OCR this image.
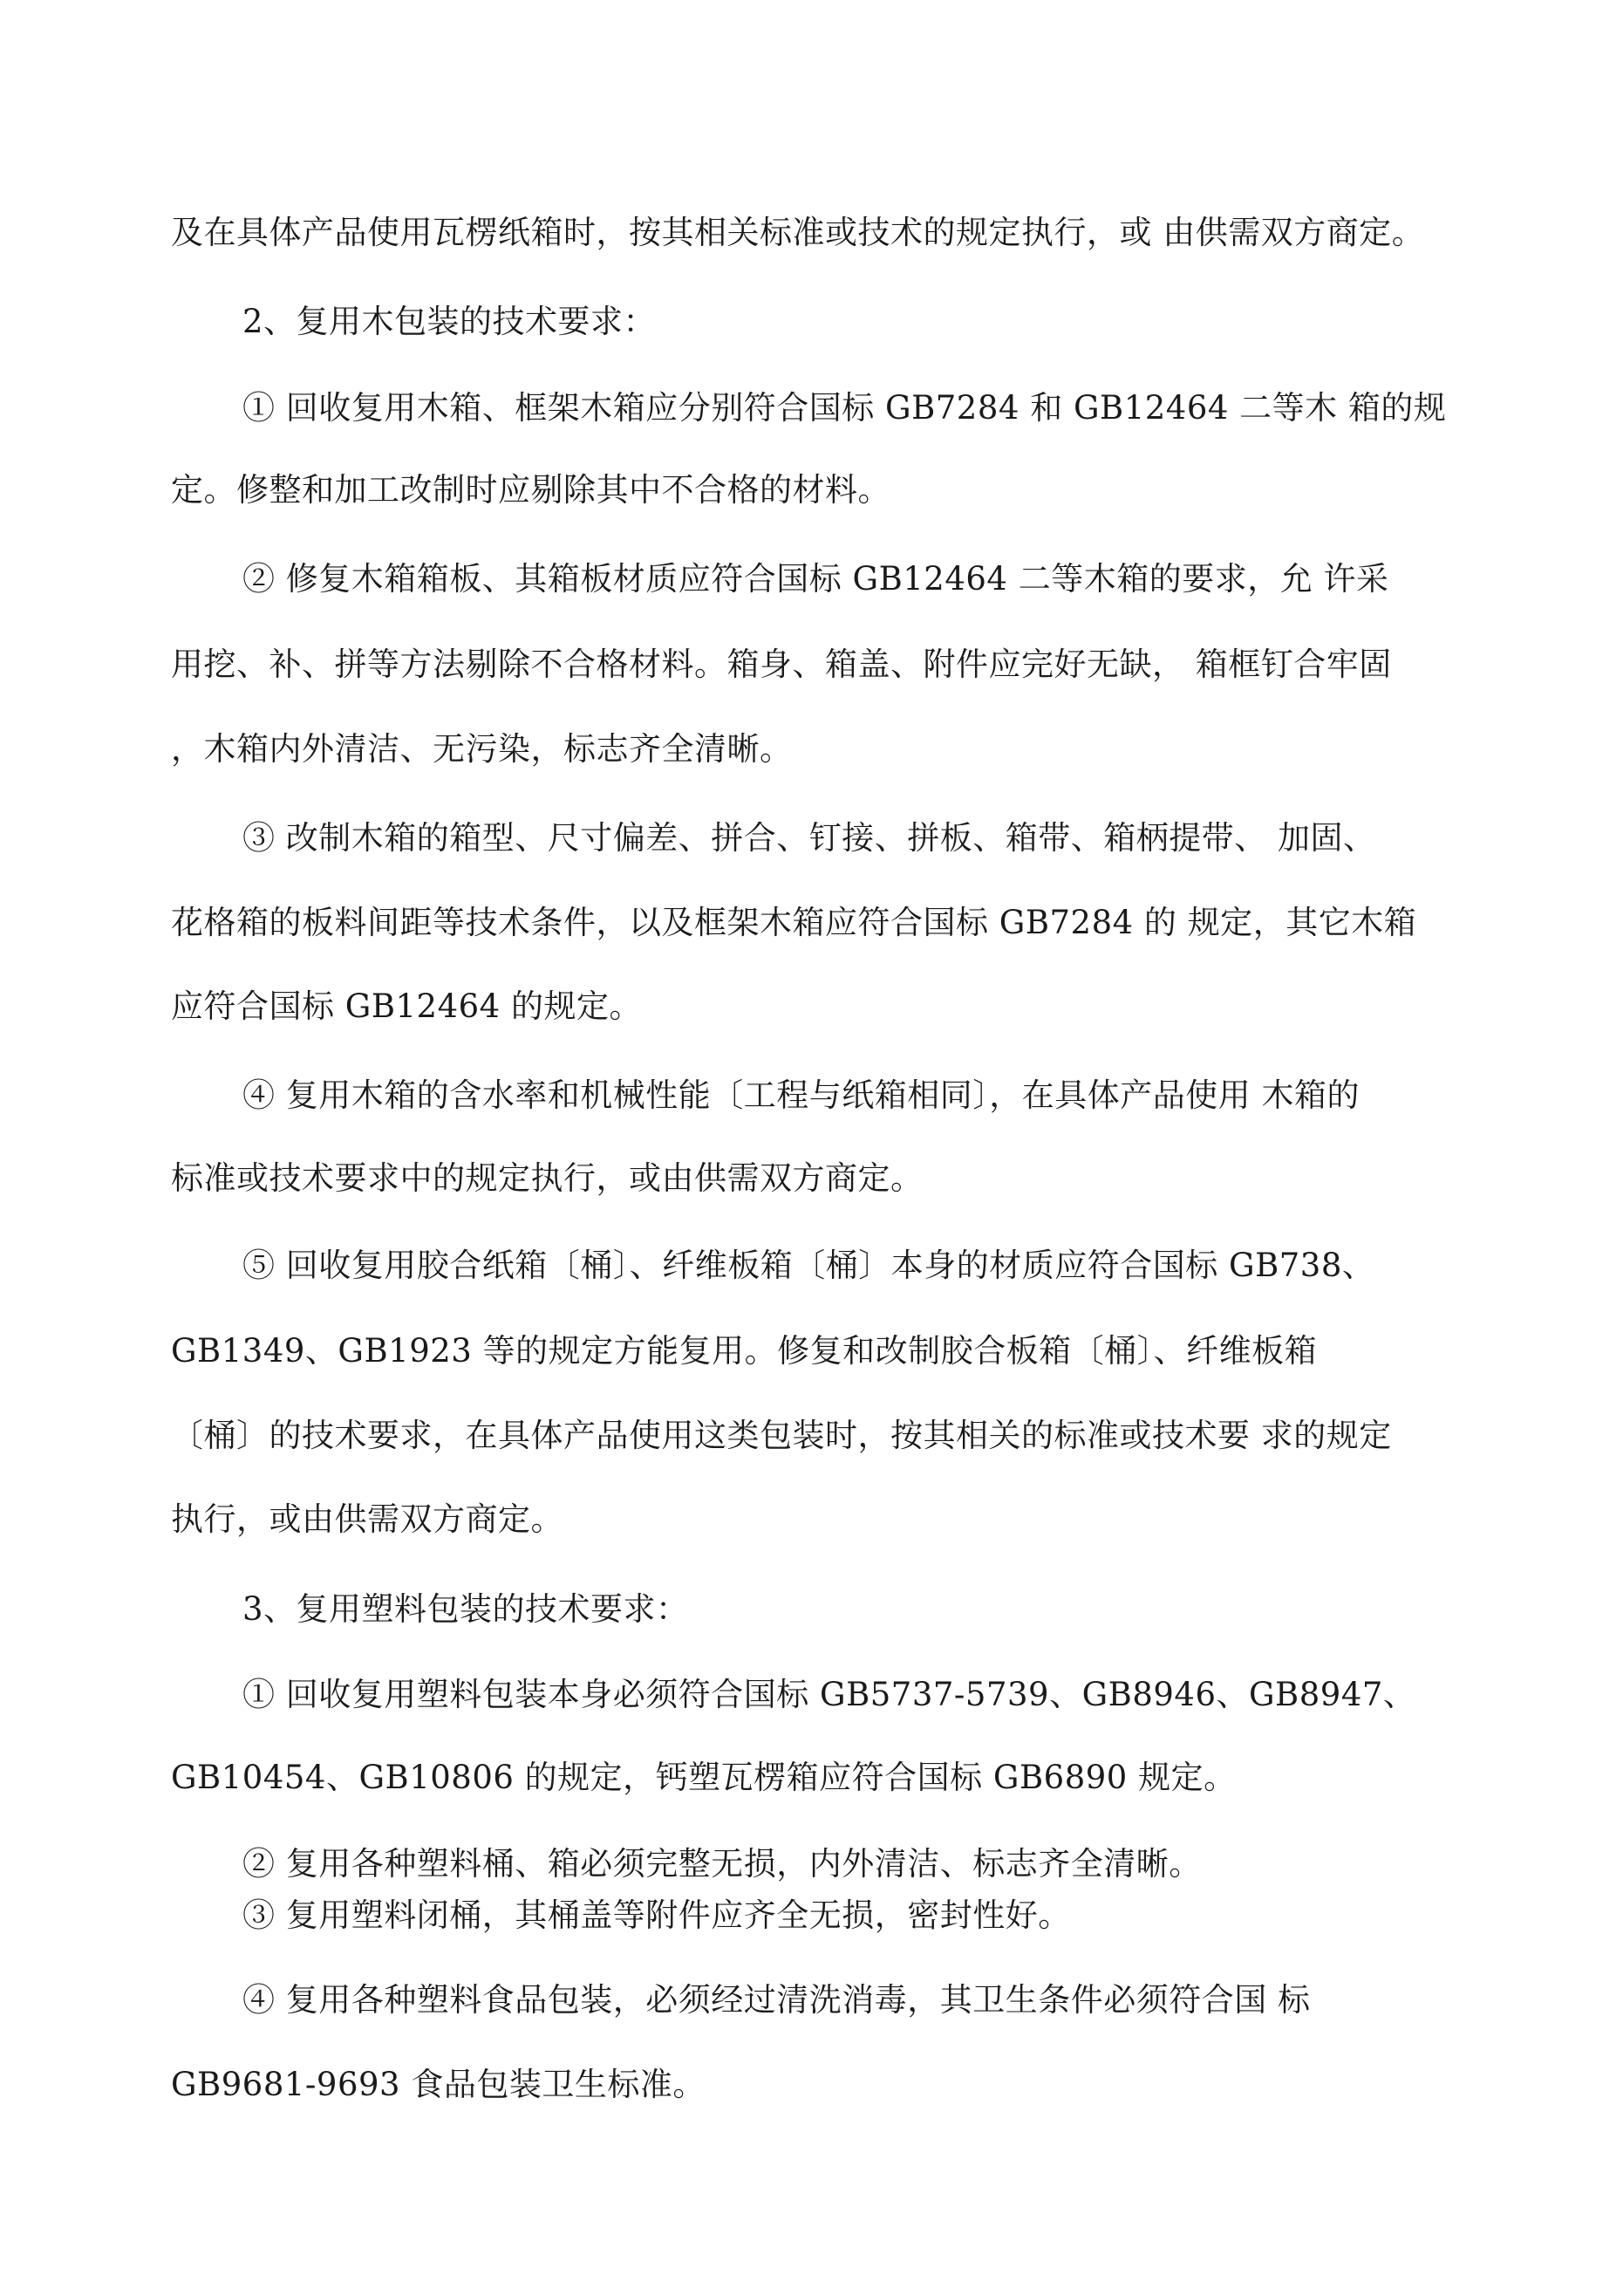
及在具体产品使用瓦楞纸箱时，按其相关标准或技术的规定执行，或 由供需双方商定。
2、复用木包装的技术要求：
① 回收复用木箱、框架木箱应分别符合国标 GB7284 和 GB12464 二等木 箱的规
定。修整和加工改制时应剔除其中不合格的材料。
② 修复木箱箱板、其箱板材质应符合国标 GB12464 二等木箱的要求，允 许采
用挖、补、拼等方法剔除不合格材料。箱身、箱盖、附件应完好无缺， 箱框钉合牢固
，木箱内外清洁、无污染，标志齐全清晰。
③ 改制木箱的箱型、尺寸偏差、拼合、钉接、拼板、箱带、箱柄提带、 加固、
花格箱的板料间距等技术条件，以及框架木箱应符合国标 GB7284 的 规定，其它木箱
应符合国标 GB12464 的规定。
④ 复用木箱的含水率和机械性能〔工程与纸箱相同〕，在具体产品使用 木箱的
标准或技术要求中的规定执行，或由供需双方商定。
⑤ 回收复用胶合纸箱〔桶〕、纤维板箱〔桶〕本身的材质应符合国标 GB738、
GB1349、GB1923 等的规定方能复用。修复和改制胶合板箱〔桶〕、纤维板箱
〔桶〕的技术要求，在具体产品使用这类包装时，按其相关的标准或技术要 求的规定
执行，或由供需双方商定。
3、复用塑料包装的技术要求：
① 回收复用塑料包装本身必须符合国标 GB5737-5739、GB8946、GB8947、
GB10454、GB10806 的规定，钙塑瓦楞箱应符合国标 GB6890 规定。
② 复用各种塑料桶、箱必须完整无损，内外清洁、标志齐全清晰。
③ 复用塑料闭桶，其桶盖等附件应齐全无损，密封性好。
④ 复用各种塑料食品包装，必须经过清洗消毒，其卫生条件必须符合国 标
GB9681-9693 食品包装卫生标准。
